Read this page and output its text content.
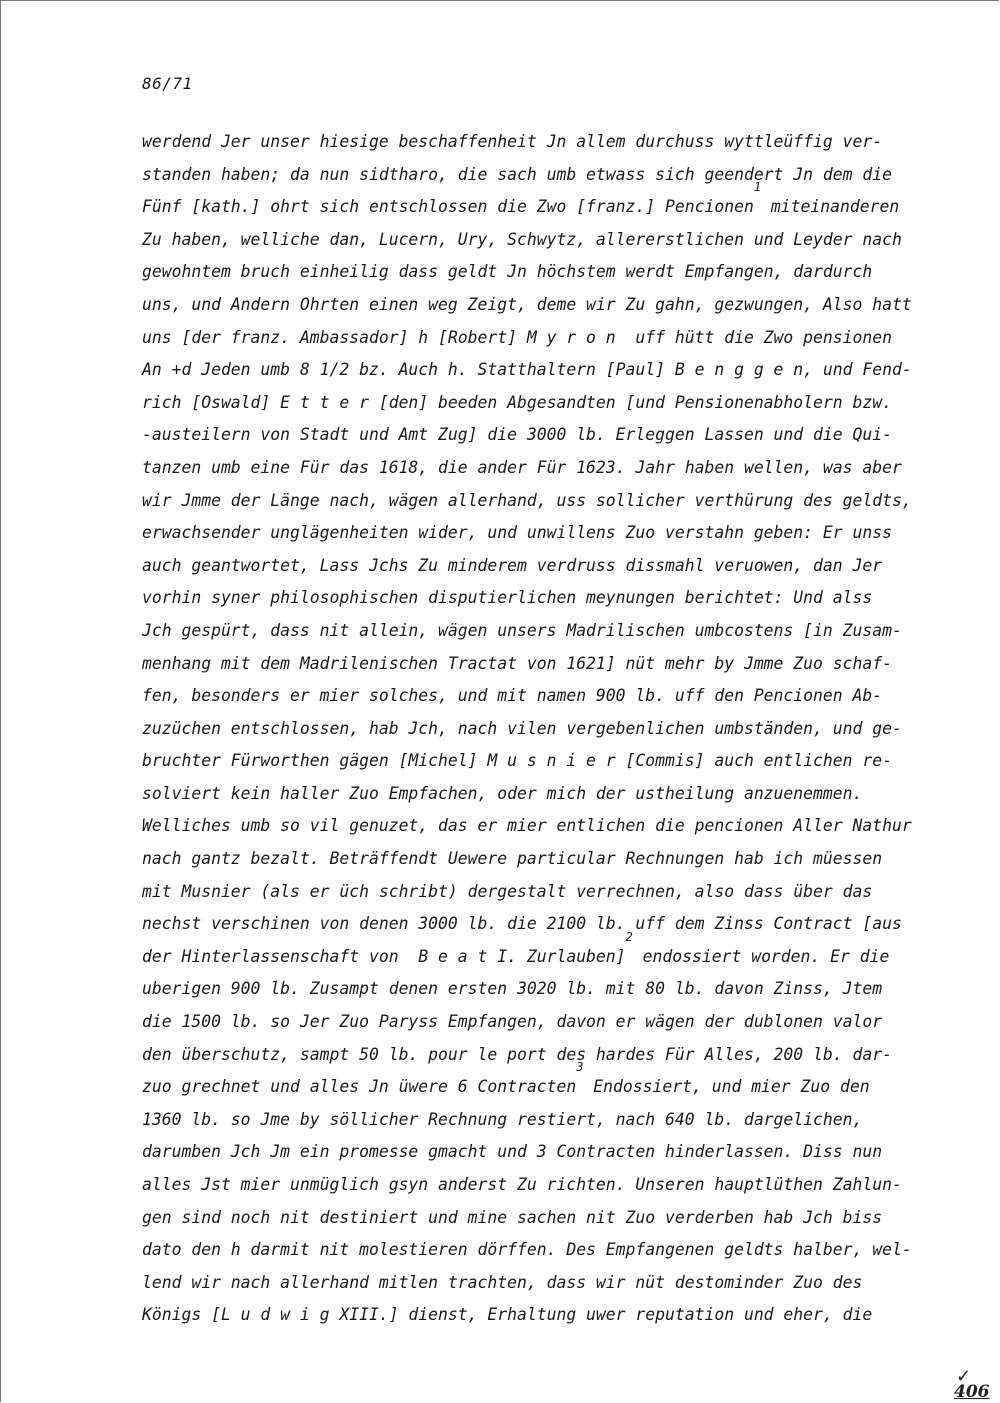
86/71
werdend Jer unser hiesige beschaffenheit Jn allem durchuss wyttleüffig ver-
standen haben; da nun sidtharo, die sach umb etwass sich geendert Jn dem die
Fünf [kath.] ohrt sich entschlossen die Zwo [franz.] Pencionen$^1$ miteinanderen
Zu haben, welliche dan, Lucern, Ury, Schwytz, allererstlichen und Leyder nach
gewohntem bruch einheilig dass geldt Jn höchstem werdt Empfangen, dardurch
uns, und Andern Ohrten einen weg Zeigt, deme wir Zu gahn, gezwungen, Also hatt
uns [der franz. Ambassador] h [Robert] M y r o n  uff hütt die Zwo pensionen
An +d Jeden umb 8 1/2 bz. Auch h. Statthaltern [Paul] B e n g g e n, und Fend-
rich [Oswald] E t t e r [den] beeden Abgesandten [und Pensionenabholern bzw.
-austeilern von Stadt und Amt Zug] die 3000 lb. Erleggen Lassen und die Qui-
tanzen umb eine Für das 1618, die ander Für 1623. Jahr haben wellen, was aber
wir Jmme der Länge nach, wägen allerhand, uss sollicher verthürung des geldts,
erwachsender unglägenheiten wider, und unwillens Zuo verstahn geben: Er unss
auch geantwortet, Lass Jchs Zu minderem verdruss dissmahl veruowen, dan Jer
vorhin syner philosophischen disputierlichen meynungen berichtet: Und alss
Jch gespürt, dass nit allein, wägen unsers Madrilischen umbcostens [in Zusam-
menhang mit dem Madrilenischen Tractat von 1621] nüt mehr by Jmme Zuo schaf-
fen, besonders er mier solches, und mit namen 900 lb. uff den Pencionen Ab-
zuzüchen entschlossen, hab Jch, nach vilen vergebenlichen umbständen, und ge-
bruchter Fürworthen gägen [Michel] M u s n i e r [Commis] auch entlichen re-
solviert kein haller Zuo Empfachen, oder mich der ustheilung anzuenemmen.
Welliches umb so vil genuzet, das er mier entlichen die pencionen Aller Nathur
nach gantz bezalt. Beträffendt Uewere particular Rechnungen hab ich müessen
mit Musnier (als er üch schribt) dergestalt verrechnen, also dass über das
nechst verschinen von denen 3000 lb. die 2100 lb. uff dem Zinss Contract [aus
der Hinterlassenschaft von  B e a t I. Zurlauben]$^2$ endossiert worden. Er die
uberigen 900 lb. Zusampt denen ersten 3020 lb. mit 80 lb. davon Zinss, Jtem
die 1500 lb. so Jer Zuo Paryss Empfangen, davon er wägen der dublonen valor
den überschutz, sampt 50 lb. pour le port des hardes Für Alles, 200 lb. dar-
zuo grechnet und alles Jn üwere 6 Contracten$^3$ Endossiert, und mier Zuo den
1360 lb. so Jme by söllicher Rechnung restiert, nach 640 lb. dargelichen,
darumben Jch Jm ein promesse gmacht und 3 Contracten hinderlassen. Diss nun
alles Jst mier unmüglich gsyn anderst Zu richten. Unseren hauptlüthen Zahlun-
gen sind noch nit destiniert und mine sachen nit Zuo verderben hab Jch biss
dato den h darmit nit molestieren dörffen. Des Empfangenen geldts halber, wel-
lend wir nach allerhand mitlen trachten, dass wir nüt destominder Zuo des
Königs [L u d w i g XIII.] dienst, Erhaltung uwer reputation und eher, die
✓
406
